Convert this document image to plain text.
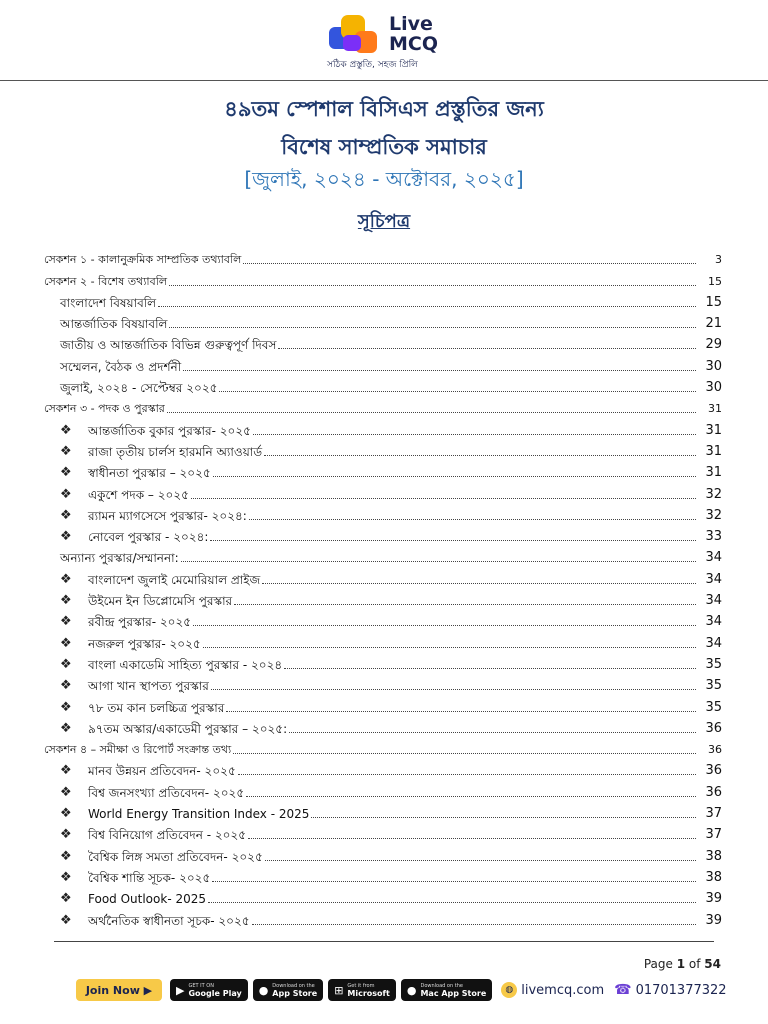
Live
MCQ
সঠিক প্রস্তুতি, সহজ প্রিলি
৪৯তম স্পেশাল বিসিএস প্রস্তুতির জন্য
বিশেষ সাম্প্রতিক সমাচার
[জুলাই, ২০২৪ - অক্টোবর, ২০২৫]
সূচিপত্র
সেকশন ১ - কালানুক্রমিক সাম্প্রতিক তথ্যাবলি	3
সেকশন ২ - বিশেষ তথ্যাবলি	15
বাংলাদেশ বিষয়াবলি	15
আন্তর্জাতিক বিষয়াবলি	21
জাতীয় ও আন্তর্জাতিক বিভিন্ন গুরুত্বপূর্ণ দিবস	29
সম্মেলন, বৈঠক ও প্রদর্শনী	30
জুলাই, ২০২৪ - সেপ্টেম্বর ২০২৫	30
সেকশন ৩ - পদক ও পুরস্কার	31
❖	আন্তর্জাতিক বুকার পুরস্কার- ২০২৫	31
❖	রাজা তৃতীয় চার্লস হারমনি অ্যাওয়ার্ড	31
❖	স্বাধীনতা পুরস্কার – ২০২৫	31
❖	একুশে পদক – ২০২৫	32
❖	র‍্যামন ম্যাগসেসে পুরস্কার- ২০২৪:	32
❖	নোবেল পুরস্কার - ২০২৪:	33
অন্যান্য পুরস্কার/সম্মাননা:	34
❖	বাংলাদেশ জুলাই মেমোরিয়াল প্রাইজ	34
❖	উইমেন ইন ডিপ্লোমেসি পুরস্কার	34
❖	রবীন্দ্র পুরস্কার- ২০২৫	34
❖	নজরুল পুরস্কার- ২০২৫	34
❖	বাংলা একাডেমি সাহিত্য পুরস্কার - ২০২৪	35
❖	আগা খান স্থাপত্য পুরস্কার	35
❖	৭৮ তম কান চলচ্চিত্র পুরস্কার	35
❖	৯৭তম অস্কার/একাডেমী পুরস্কার – ২০২৫:	36
সেকশন ৪ – সমীক্ষা ও রিপোর্ট সংক্রান্ত তথ্য	36
❖	মানব উন্নয়ন প্রতিবেদন- ২০২৫	36
❖	বিশ্ব জনসংখ্যা প্রতিবেদন- ২০২৫	36
❖	World Energy Transition Index - 2025	37
❖	বিশ্ব বিনিয়োগ প্রতিবেদন - ২০২৫	37
❖	বৈশ্বিক লিঙ্গ সমতা প্রতিবেদন- ২০২৫	38
❖	বৈশ্বিক শান্তি সূচক- ২০২৫	38
❖	Food Outlook- 2025	39
❖	অর্থনৈতিক স্বাধীনতা সূচক- ২০২৫	39
Page 1 of 54
Join Now ▶	▶ GET IT ON
Google Play ● Download on the
App Store ⊞ Get it from
Microsoft ● Download on the
Mac App Store	◍ livemcq.com ☎ 01701377322
